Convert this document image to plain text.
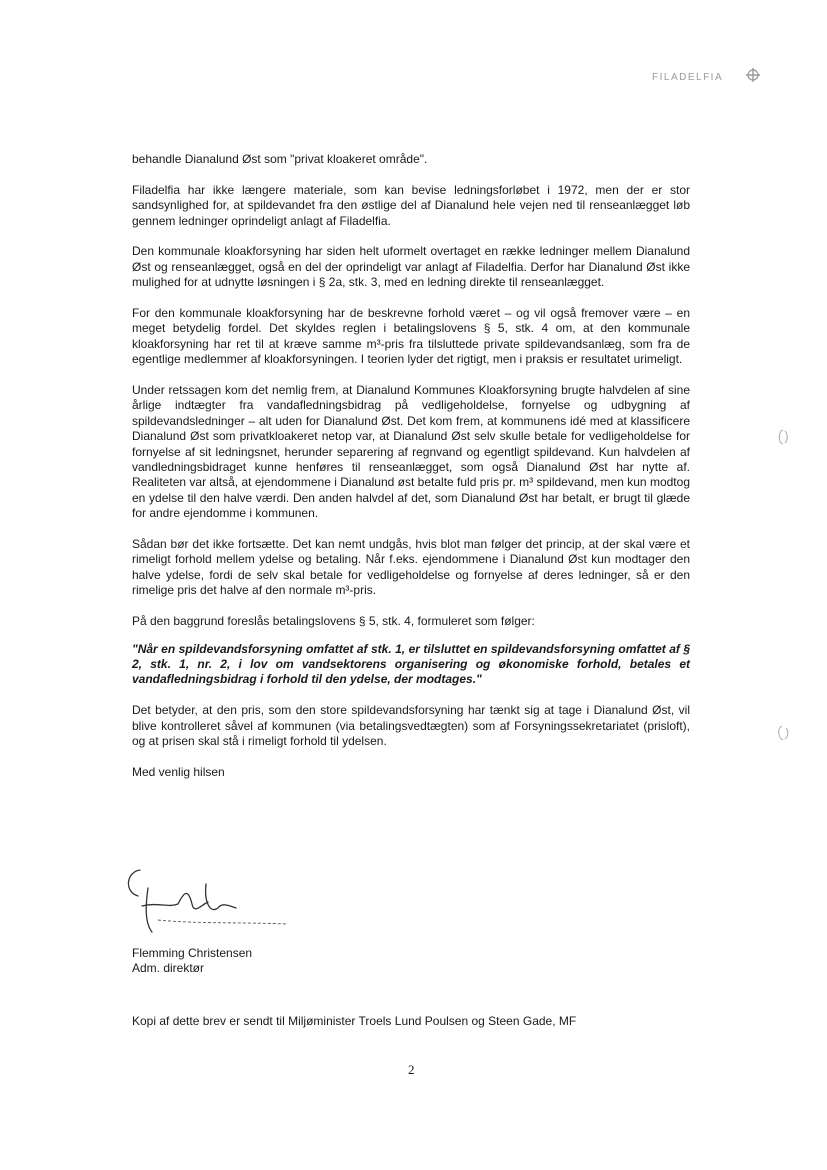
FILADELFIA

behandle Dianalund Øst som "privat kloakeret område".

Filadelfia har ikke længere materiale, som kan bevise ledningsforløbet i 1972, men der er stor sandsynlighed for, at spildevandet fra den østlige del af Dianalund hele vejen ned til renseanlægget løb gennem ledninger oprindeligt anlagt af Filadelfia.

Den kommunale kloakforsyning har siden helt uformelt overtaget en række ledninger mellem Dianalund Øst og renseanlægget, også en del der oprindeligt var anlagt af Filadelfia. Derfor har Dianalund Øst ikke mulighed for at udnytte løsningen i § 2a, stk. 3, med en ledning direkte til renseanlægget.

For den kommunale kloakforsyning har de beskrevne forhold været – og vil også fremover være – en meget betydelig fordel. Det skyldes reglen i betalingslovens § 5, stk. 4 om, at den kommunale kloakforsyning har ret til at kræve samme m³-pris fra tilsluttede private spildevandsanlæg, som fra de egentlige medlemmer af kloakforsyningen. I teorien lyder det rigtigt, men i praksis er resultatet urimeligt.

Under retssagen kom det nemlig frem, at Dianalund Kommunes Kloakforsyning brugte halvdelen af sine årlige indtægter fra vandafledningsbidrag på vedligeholdelse, fornyelse og udbygning af spildevandsledninger – alt uden for Dianalund Øst. Det kom frem, at kommunens idé med at klassificere Dianalund Øst som privatkloakeret netop var, at Dianalund Øst selv skulle betale for vedligeholdelse for fornyelse af sit ledningsnet, herunder separering af regnvand og egentligt spildevand. Kun halvdelen af vandledningsbidraget kunne henføres til renseanlægget, som også Dianalund Øst har nytte af. Realiteten var altså, at ejendommene i Dianalund øst betalte fuld pris pr. m³ spildevand, men kun modtog en ydelse til den halve værdi. Den anden halvdel af det, som Dianalund Øst har betalt, er brugt til glæde for andre ejendomme i kommunen.

Sådan bør det ikke fortsætte. Det kan nemt undgås, hvis blot man følger det princip, at der skal være et rimeligt forhold mellem ydelse og betaling. Når f.eks. ejendommene i Dianalund Øst kun modtager den halve ydelse, fordi de selv skal betale for vedligeholdelse og fornyelse af deres ledninger, så er den rimelige pris det halve af den normale m³-pris.

På den baggrund foreslås betalingslovens § 5, stk. 4, formuleret som følger:

"Når en spildevandsforsyning omfattet af stk. 1, er tilsluttet en spildevandsforsyning omfattet af § 2, stk. 1, nr. 2, i lov om vandsektorens organisering og økonomiske forhold, betales et vandafledningsbidrag i forhold til den ydelse, der modtages."

Det betyder, at den pris, som den store spildevandsforsyning har tænkt sig at tage i Dianalund Øst, vil blive kontrolleret såvel af kommunen (via betalingsvedtægten) som af Forsyningssekretariatet (prisloft), og at prisen skal stå i rimeligt forhold til ydelsen.

Med venlig hilsen

Flemming Christensen
Adm. direktør
Kopi af dette brev er sendt til Miljøminister Troels Lund Poulsen og Steen Gade, MF
2
